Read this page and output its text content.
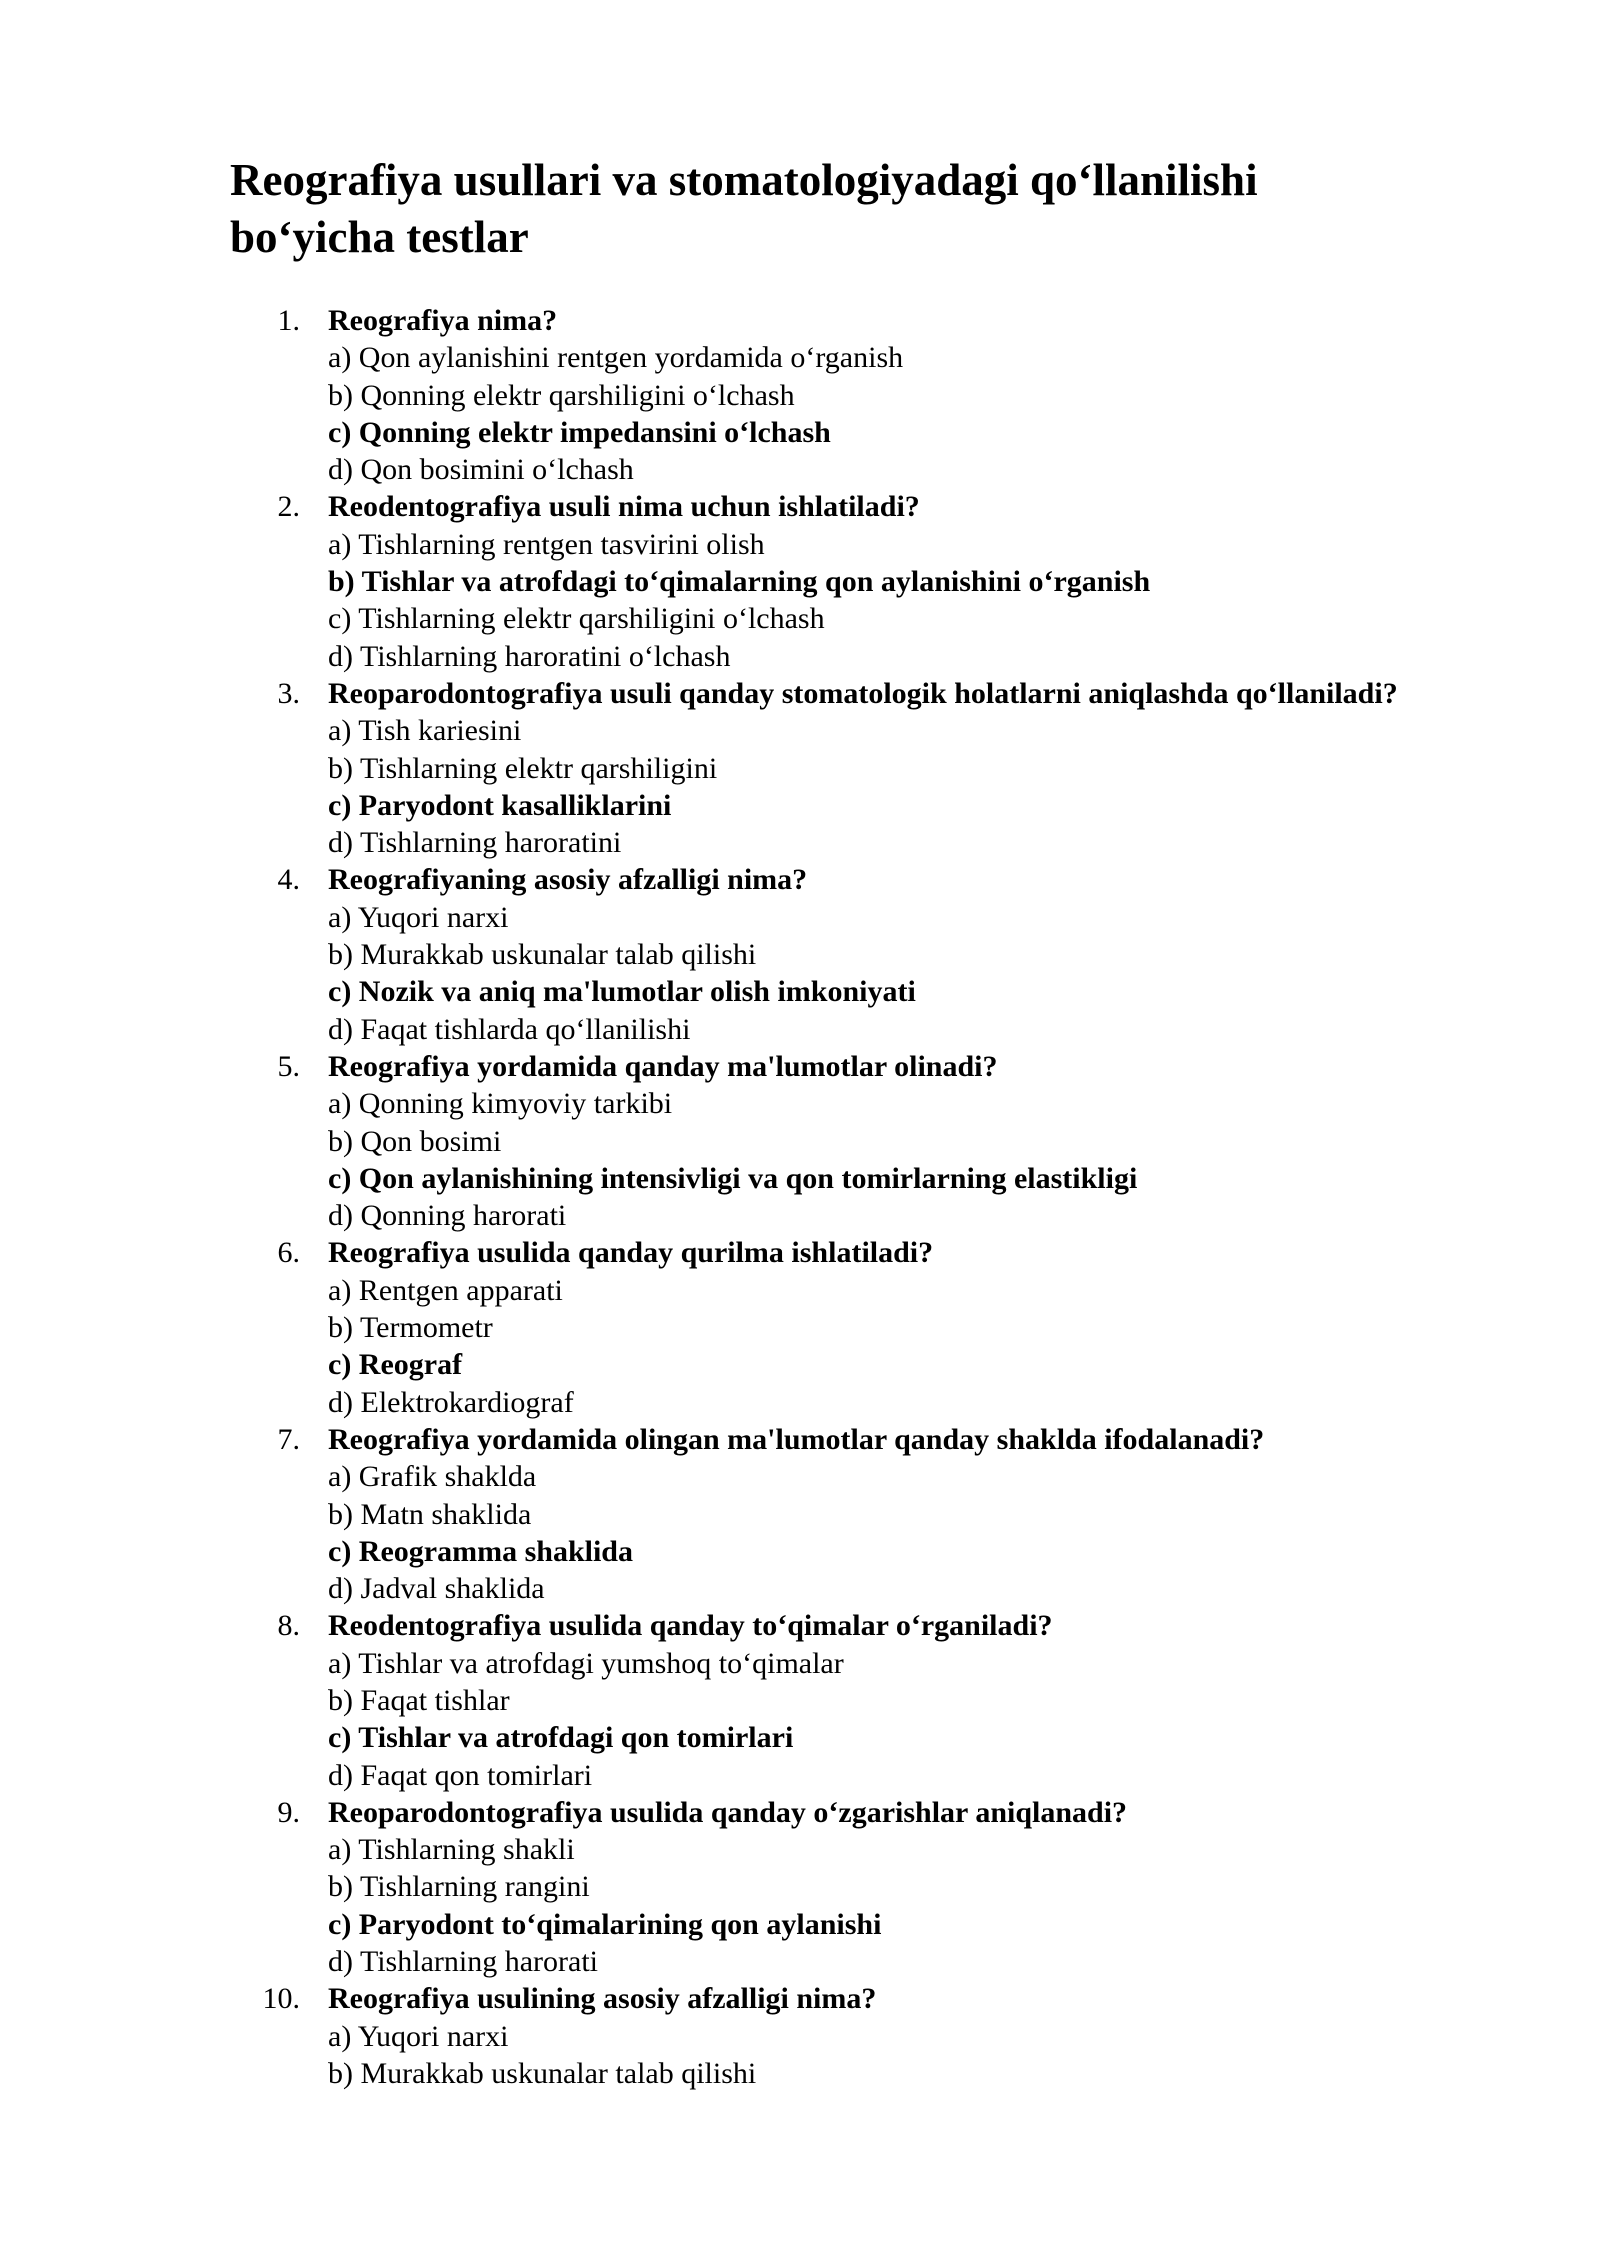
Reografiya usullari va stomatologiyadagi qo‘llanilishi bo‘yicha testlar
1. Reografiya nima?
a) Qon aylanishini rentgen yordamida o‘rganish
b) Qonning elektr qarshiligini o‘lchash
c) Qonning elektr impedansini o‘lchash
d) Qon bosimini o‘lchash
2. Reodentografiya usuli nima uchun ishlatiladi?
a) Tishlarning rentgen tasvirini olish
b) Tishlar va atrofdagi to‘qimalarning qon aylanishini o‘rganish
c) Tishlarning elektr qarshiligini o‘lchash
d) Tishlarning haroratini o‘lchash
3. Reoparodontografiya usuli qanday stomatologik holatlarni aniqlashda qo‘llaniladi?
a) Tish kariesini
b) Tishlarning elektr qarshiligini
c) Paryodont kasalliklarini
d) Tishlarning haroratini
4. Reografiyaning asosiy afzalligi nima?
a) Yuqori narxi
b) Murakkab uskunalar talab qilishi
c) Nozik va aniq ma'lumotlar olish imkoniyati
d) Faqat tishlarda qo‘llanilishi
5. Reografiya yordamida qanday ma'lumotlar olinadi?
a) Qonning kimyoviy tarkibi
b) Qon bosimi
c) Qon aylanishining intensivligi va qon tomirlarning elastikligi
d) Qonning harorati
6. Reografiya usulida qanday qurilma ishlatiladi?
a) Rentgen apparati
b) Termometr
c) Reograf
d) Elektrokardiograf
7. Reografiya yordamida olingan ma'lumotlar qanday shaklda ifodalanadi?
a) Grafik shaklda
b) Matn shaklida
c) Reogramma shaklida
d) Jadval shaklida
8. Reodentografiya usulida qanday to‘qimalar o‘rganiladi?
a) Tishlar va atrofdagi yumshoq to‘qimalar
b) Faqat tishlar
c) Tishlar va atrofdagi qon tomirlari
d) Faqat qon tomirlari
9. Reoparodontografiya usulida qanday o‘zgarishlar aniqlanadi?
a) Tishlarning shakli
b) Tishlarning rangini
c) Paryodont to‘qimalarining qon aylanishi
d) Tishlarning harorati
10. Reografiya usulining asosiy afzalligi nima?
a) Yuqori narxi
b) Murakkab uskunalar talab qilishi
